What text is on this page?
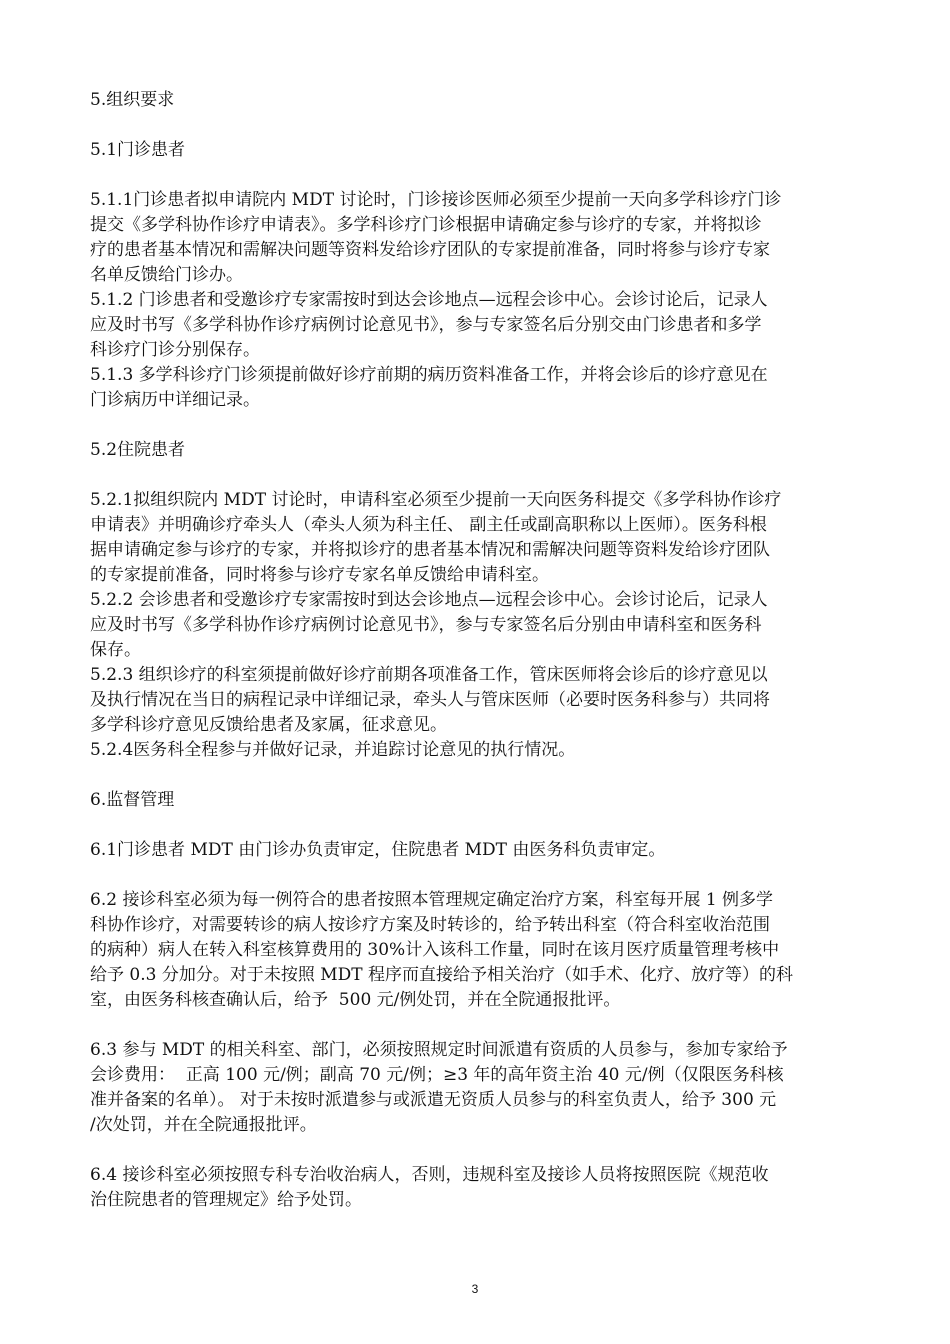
5.组织要求

5.1门诊患者

5.1.1门诊患者拟申请院内 MDT 讨论时，门诊接诊医师必须至少提前一天向多学科诊疗门诊

提交《多学科协作诊疗申请表》。多学科诊疗门诊根据申请确定参与诊疗的专家，并将拟诊

疗的患者基本情况和需解决问题等资料发给诊疗团队的专家提前准备，同时将参与诊疗专家

名单反馈给门诊办。

5.1.2 门诊患者和受邀诊疗专家需按时到达会诊地点—远程会诊中心。会诊讨论后，记录人

应及时书写《多学科协作诊疗病例讨论意见书》，参与专家签名后分别交由门诊患者和多学

科诊疗门诊分别保存。

5.1.3 多学科诊疗门诊须提前做好诊疗前期的病历资料准备工作，并将会诊后的诊疗意见在

门诊病历中详细记录。

5.2住院患者

5.2.1拟组织院内 MDT 讨论时，申请科室必须至少提前一天向医务科提交《多学科协作诊疗

申请表》并明确诊疗牵头人（牵头人须为科主任、 副主任或副高职称以上医师）。医务科根

据申请确定参与诊疗的专家，并将拟诊疗的患者基本情况和需解决问题等资料发给诊疗团队

的专家提前准备，同时将参与诊疗专家名单反馈给申请科室。

5.2.2 会诊患者和受邀诊疗专家需按时到达会诊地点—远程会诊中心。会诊讨论后，记录人

应及时书写《多学科协作诊疗病例讨论意见书》，参与专家签名后分别由申请科室和医务科

保存。

5.2.3 组织诊疗的科室须提前做好诊疗前期各项准备工作，管床医师将会诊后的诊疗意见以

及执行情况在当日的病程记录中详细记录，牵头人与管床医师（必要时医务科参与）共同将

多学科诊疗意见反馈给患者及家属，征求意见。

5.2.4医务科全程参与并做好记录，并追踪讨论意见的执行情况。

6.监督管理

6.1门诊患者 MDT 由门诊办负责审定，住院患者 MDT 由医务科负责审定。

6.2 接诊科室必须为每一例符合的患者按照本管理规定确定治疗方案，科室每开展 1 例多学

科协作诊疗，对需要转诊的病人按诊疗方案及时转诊的，给予转出科室（符合科室收治范围

的病种）病人在转入科室核算费用的 30%计入该科工作量，同时在该月医疗质量管理考核中

给予 0.3 分加分。对于未按照 MDT 程序而直接给予相关治疗（如手术、化疗、放疗等）的科

室，由医务科核查确认后，给予  500 元/例处罚，并在全院通报批评。

6.3 参与 MDT 的相关科室、部门，必须按照规定时间派遣有资质的人员参与，参加专家给予

会诊费用：  正高 100 元/例；副高 70 元/例；≥3 年的高年资主治 40 元/例（仅限医务科核

准并备案的名单）。 对于未按时派遣参与或派遣无资质人员参与的科室负责人，给予 300 元

/次处罚，并在全院通报批评。

6.4 接诊科室必须按照专科专治收治病人，否则，违规科室及接诊人员将按照医院《规范收

治住院患者的管理规定》给予处罚。

3
